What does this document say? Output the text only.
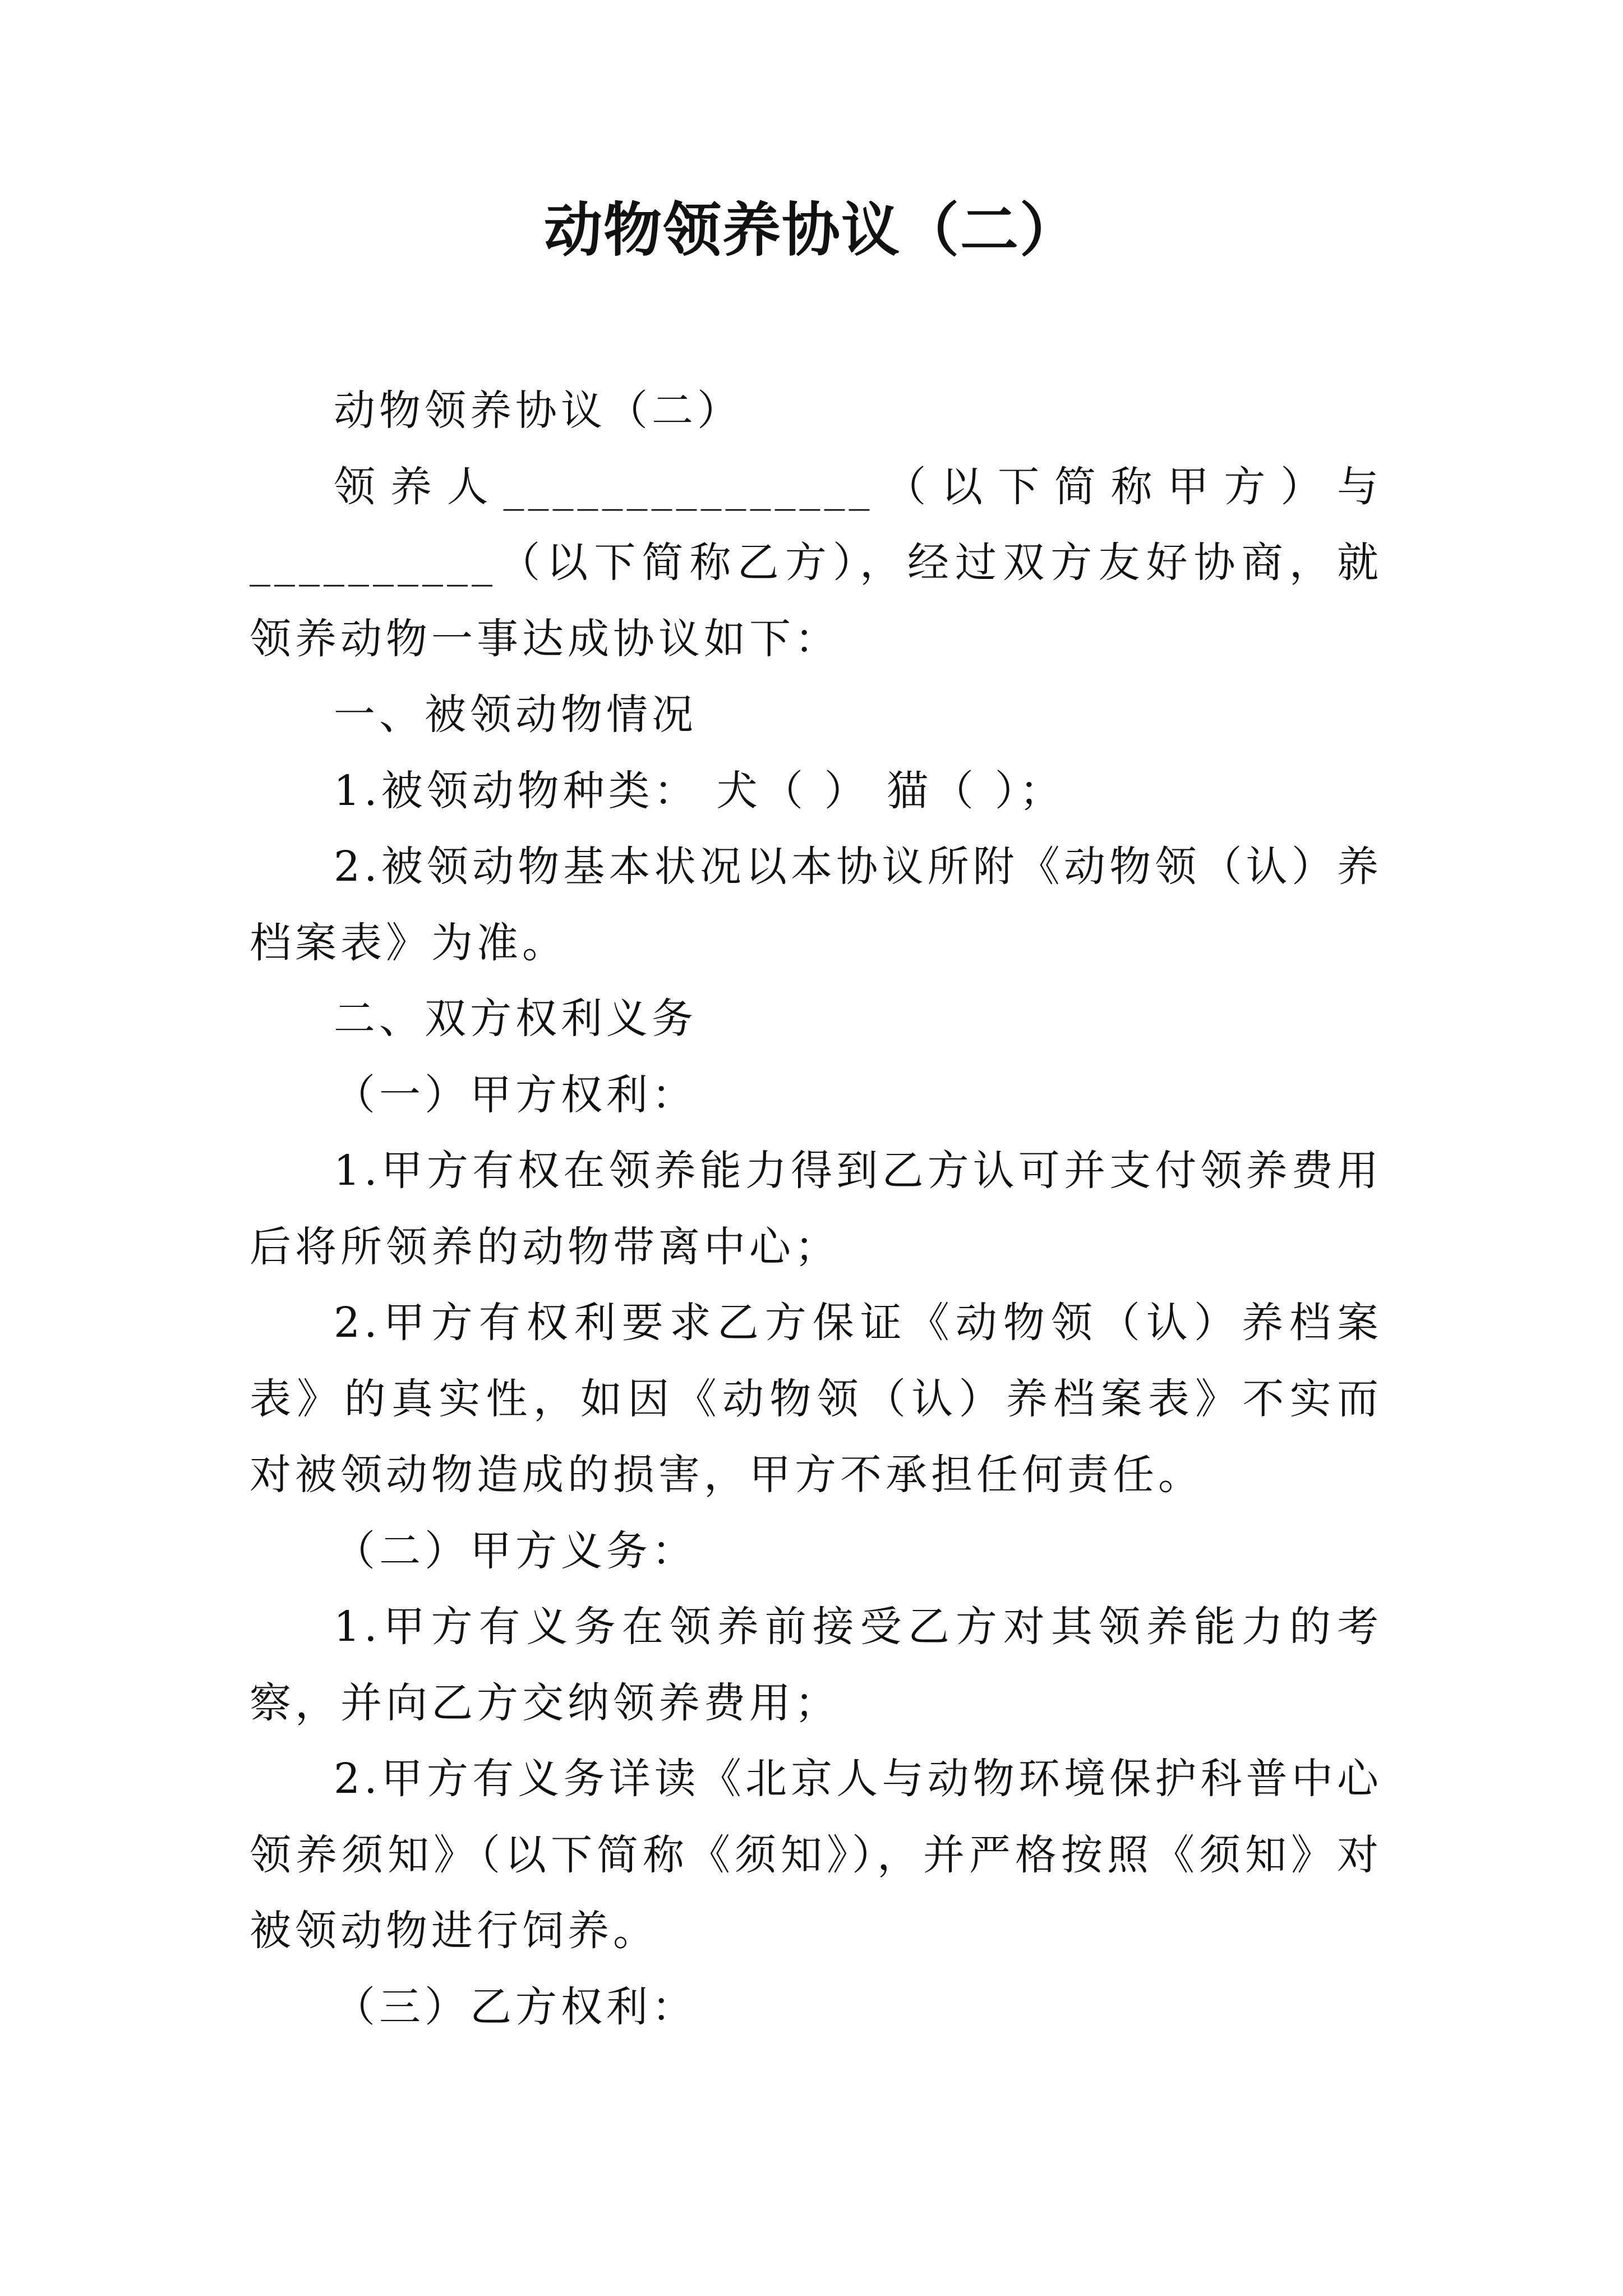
动物领养协议（二）

动物领养协议（二）

领养人_______________（以下简称甲方）与__________（以下简称乙方），经过双方友好协商，就领养动物一事达成协议如下：

一、被领动物情况

1.被领动物种类： 犬（ ） 猫（ ）；

2.被领动物基本状况以本协议所附《动物领（认）养档案表》为准。

二、双方权利义务

（一）甲方权利：

1.甲方有权在领养能力得到乙方认可并支付领养费用后将所领养的动物带离中心；

2.甲方有权利要求乙方保证《动物领（认）养档案表》的真实性，如因《动物领（认）养档案表》不实而对被领动物造成的损害，甲方不承担任何责任。

（二）甲方义务：

1.甲方有义务在领养前接受乙方对其领养能力的考察，并向乙方交纳领养费用；

2.甲方有义务详读《北京人与动物环境保护科普中心领养须知》（以下简称《须知》），并严格按照《须知》对被领动物进行饲养。

（三）乙方权利：
